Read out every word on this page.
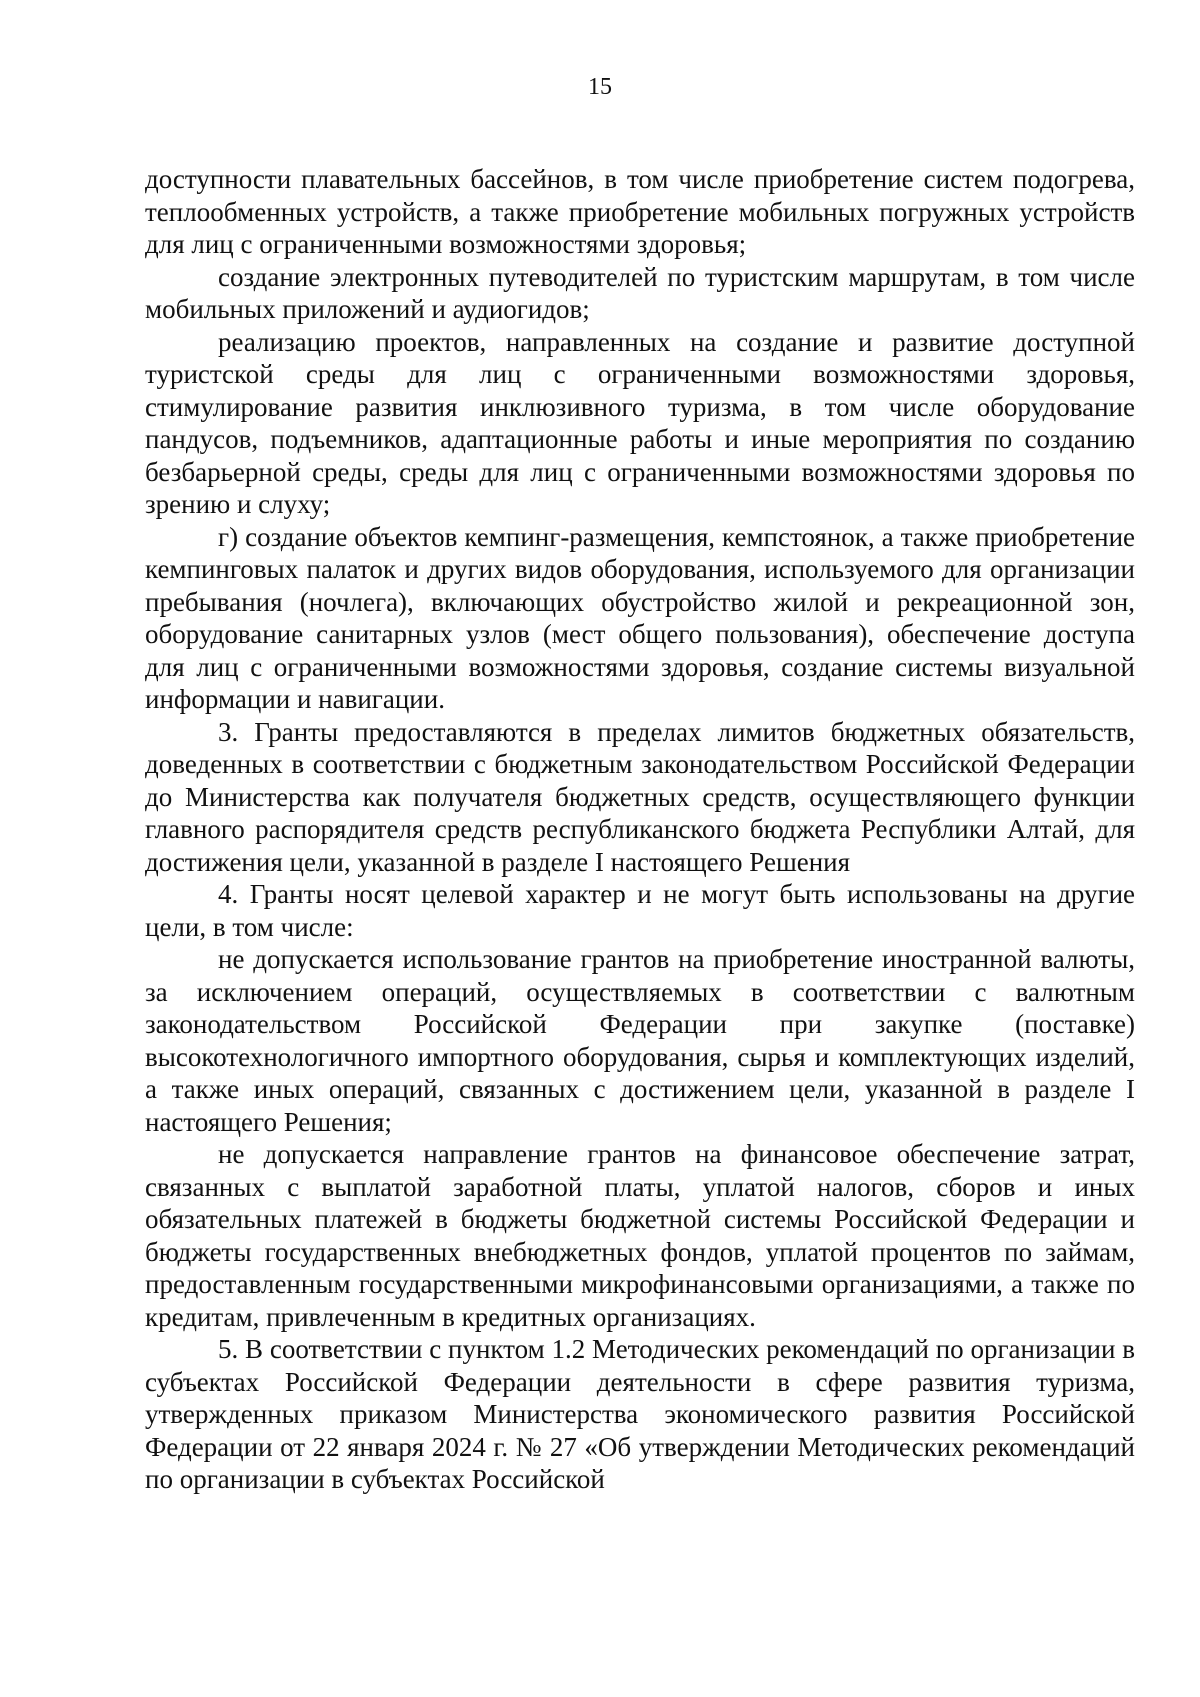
15

доступности плавательных бассейнов, в том числе приобретение систем подогрева, теплообменных устройств, а также приобретение мобильных погружных устройств для лиц с ограниченными возможностями здоровья;

создание электронных путеводителей по туристским маршрутам, в том числе мобильных приложений и аудиогидов;

реализацию проектов, направленных на создание и развитие доступной туристской среды для лиц с ограниченными возможностями здоровья, стимулирование развития инклюзивного туризма, в том числе оборудование пандусов, подъемников, адаптационные работы и иные мероприятия по созданию безбарьерной среды, среды для лиц с ограниченными возможностями здоровья по зрению и слуху;

г) создание объектов кемпинг-размещения, кемпстоянок, а также приобретение кемпинговых палаток и других видов оборудования, используемого для организации пребывания (ночлега), включающих обустройство жилой и рекреационной зон, оборудование санитарных узлов (мест общего пользования), обеспечение доступа для лиц с ограниченными возможностями здоровья, создание системы визуальной информации и навигации.

3. Гранты предоставляются в пределах лимитов бюджетных обязательств, доведенных в соответствии с бюджетным законодательством Российской Федерации до Министерства как получателя бюджетных средств, осуществляющего функции главного распорядителя средств республиканского бюджета Республики Алтай, для достижения цели, указанной в разделе I настоящего Решения

4. Гранты носят целевой характер и не могут быть использованы на другие цели, в том числе:

не допускается использование грантов на приобретение иностранной валюты, за исключением операций, осуществляемых в соответствии с валютным законодательством Российской Федерации при закупке (поставке) высокотехнологичного импортного оборудования, сырья и комплектующих изделий, а также иных операций, связанных с достижением цели, указанной в разделе I настоящего Решения;

не допускается направление грантов на финансовое обеспечение затрат, связанных с выплатой заработной платы, уплатой налогов, сборов и иных обязательных платежей в бюджеты бюджетной системы Российской Федерации и бюджеты государственных внебюджетных фондов, уплатой процентов по займам, предоставленным государственными микрофинансовыми организациями, а также по кредитам, привлеченным в кредитных организациях.

5. В соответствии с пунктом 1.2 Методических рекомендаций по организации в субъектах Российской Федерации деятельности в сфере развития туризма, утвержденных приказом Министерства экономического развития Российской Федерации от 22 января 2024 г. № 27 «Об утверждении Методических рекомендаций по организации в субъектах Российской
